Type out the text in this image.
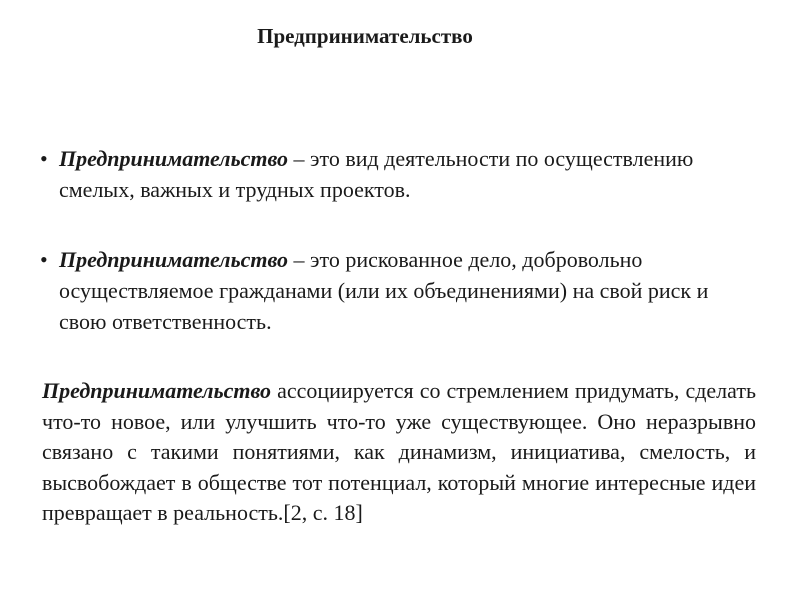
Предпринимательство
• Предпринимательство – это вид деятельности по осуществлению смелых, важных и трудных проектов.
• Предпринимательство – это рискованное дело, добровольно осуществляемое гражданами (или их объединениями) на свой риск и свою ответственность.
Предпринимательство ассоциируется со стремлением придумать, сделать что-то новое, или улучшить что-то уже существующее. Оно неразрывно связано с такими понятиями, как динамизм, инициатива, смелость, и высвобождает в обществе тот потенциал, который многие интересные идеи превращает в реальность.[2, с. 18]
